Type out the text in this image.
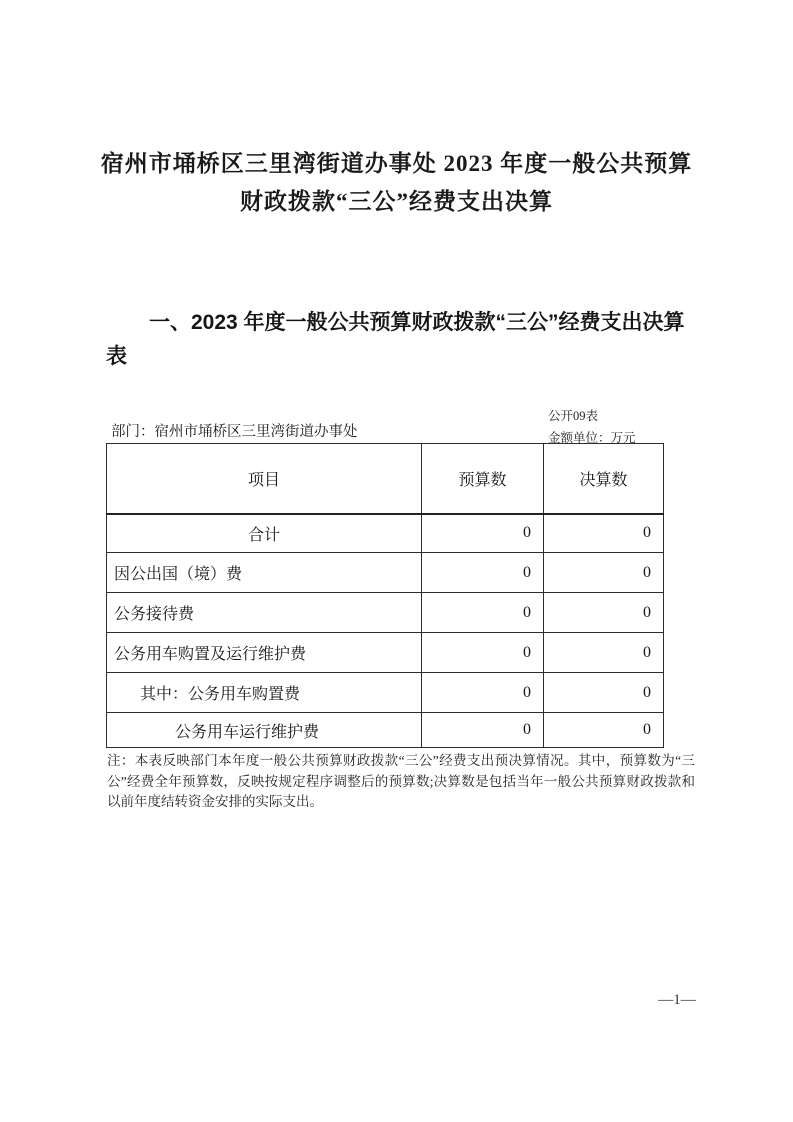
宿州市埇桥区三里湾街道办事处 2023 年度一般公共预算
财政拨款“三公”经费支出决算
一、2023 年度一般公共预算财政拨款“三公”经费支出决算
表
公开09表
部门：宿州市埇桥区三里湾街道办事处	金额单位：万元
项目	预算数	决算数
合计	0	0
因公出国（境）费	0	0
公务接待费	0	0
公务用车购置及运行维护费	0	0
其中：公务用车购置费	0	0
公务用车运行维护费	0	0

注：本表反映部门本年度一般公共预算财政拨款“三公”经费支出预决算情况。其中，预算数为“三公”经费全年预算数，反映按规定程序调整后的预算数;决算数是包括当年一般公共预算财政拨款和以前年度结转资金安排的实际支出。

—1—
